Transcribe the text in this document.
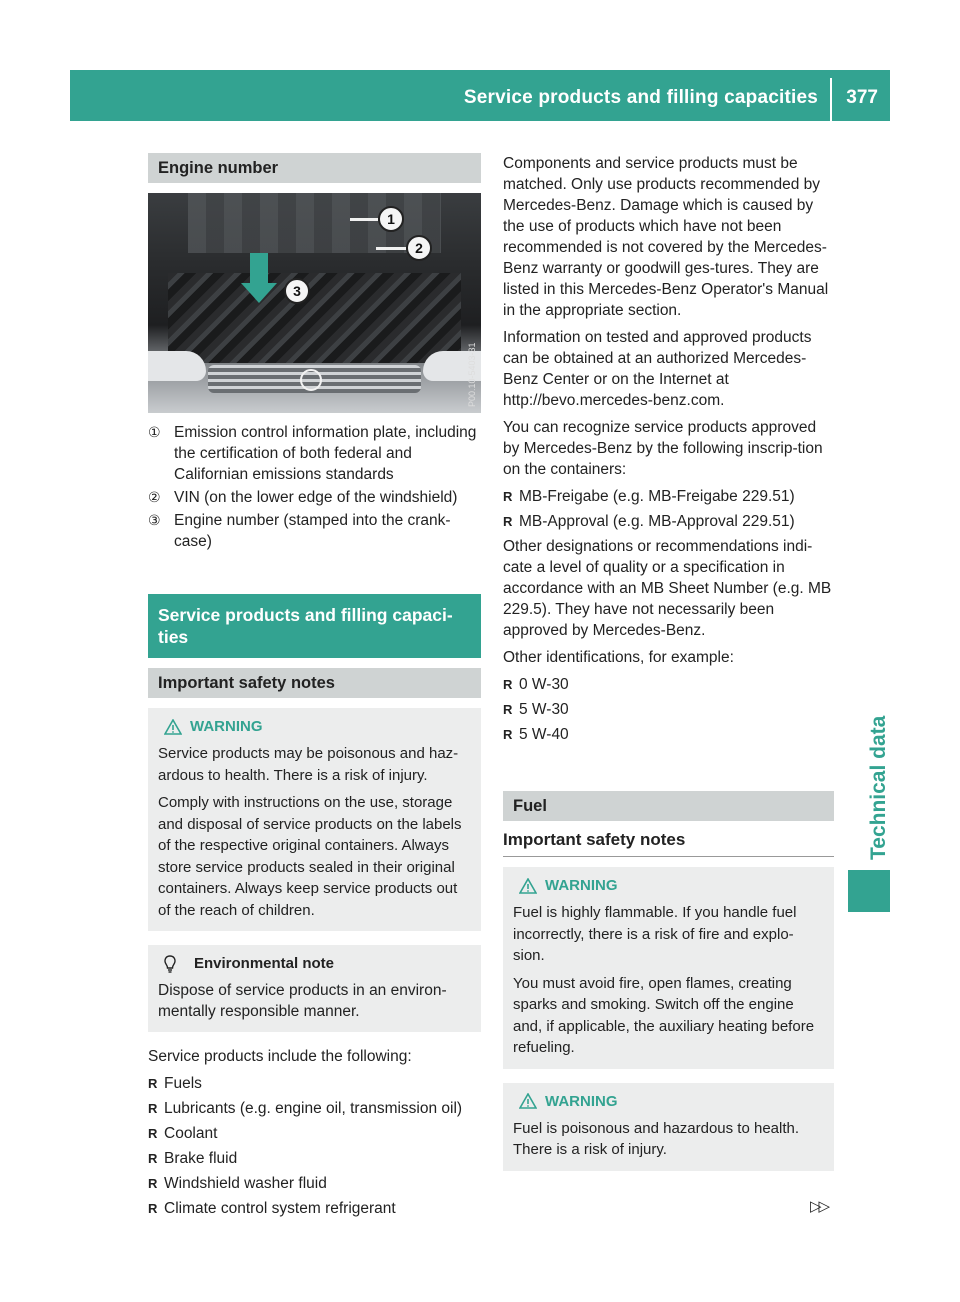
Service products and filling capacities 377
Technical data
Engine number
1
2
3
P00.10-5403-31
① Emission control information plate, including the certification of both federal and Californian emissions standards
② VIN (on the lower edge of the windshield)
③ Engine number (stamped into the crank-case)
Service products and filling capaci-ties
Important safety notes
WARNING

Service products may be poisonous and haz-ardous to health. There is a risk of injury.

Comply with instructions on the use, storage and disposal of service products on the labels of the respective original containers. Always store service products sealed in their original containers. Always keep service products out of the reach of children.

Environmental note

Dispose of service products in an environ-mentally responsible manner.

Service products include the following:

R Fuels
R Lubricants (e.g. engine oil, transmission oil)
R Coolant
R Brake fluid
R Windshield washer fluid
R Climate control system refrigerant

Components and service products must be matched. Only use products recommended by Mercedes-Benz. Damage which is caused by the use of products which have not been recommended is not covered by the Mercedes-Benz warranty or goodwill ges-tures. They are listed in this Mercedes-Benz Operator's Manual in the appropriate section.

Information on tested and approved products can be obtained at an authorized Mercedes-Benz Center or on the Internet at http://bevo.mercedes-benz.com.

You can recognize service products approved by Mercedes-Benz by the following inscrip-tion on the containers:

R MB-Freigabe (e.g. MB-Freigabe 229.51)
R MB-Approval (e.g. MB-Approval 229.51)

Other designations or recommendations indi-cate a level of quality or a specification in accordance with an MB Sheet Number (e.g. MB 229.5). They have not necessarily been approved by Mercedes-Benz.

Other identifications, for example:

R 0 W-30
R 5 W-30
R 5 W-40
Fuel
Important safety notes
WARNING

Fuel is highly flammable. If you handle fuel incorrectly, there is a risk of fire and explo-sion.

You must avoid fire, open flames, creating sparks and smoking. Switch off the engine and, if applicable, the auxiliary heating before refueling.

WARNING

Fuel is poisonous and hazardous to health. There is a risk of injury.

▷▷
